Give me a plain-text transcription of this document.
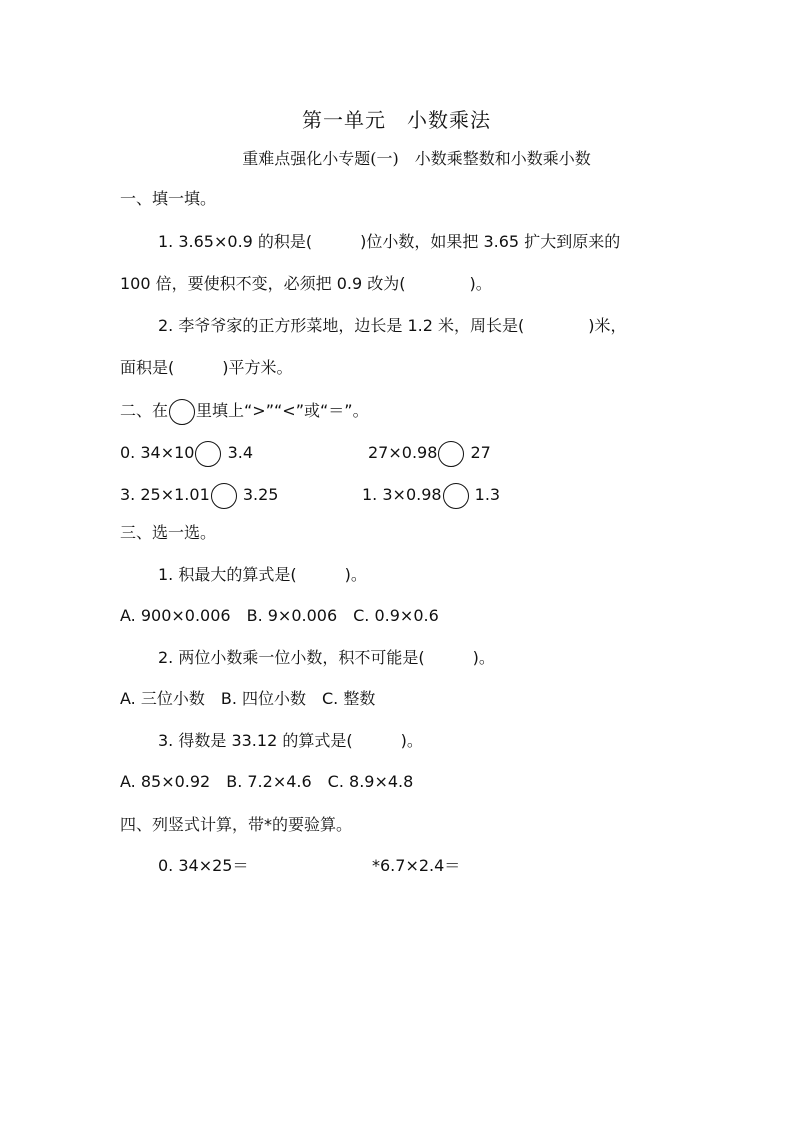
第一单元　小数乘法
重难点强化小专题(一)　小数乘整数和小数乘小数
一、填一填。
1. 3.65×0.9 的积是(　　　)位小数，如果把 3.65 扩大到原来的
100 倍，要使积不变，必须把 0.9 改为(　　　　)。
2. 李爷爷家的正方形菜地，边长是 1.2 米，周长是(　　　　)米，
面积是(　　　)平方米。
二、在 里填上“>”“<”或“＝”。
0. 34×10 3.4	27×0.98 27
3. 25×1.01 3.25	1. 3×0.98 1.3
三、选一选。
1. 积最大的算式是(　　　)。
A. 900×0.006　B. 9×0.006　C. 0.9×0.6
2. 两位小数乘一位小数，积不可能是(　　　)。
A. 三位小数　B. 四位小数　C. 整数
3. 得数是 33.12 的算式是(　　　)。
A. 85×0.92　B. 7.2×4.6　C. 8.9×4.8
四、列竖式计算，带*的要验算。
0. 34×25＝	*6.7×2.4＝
